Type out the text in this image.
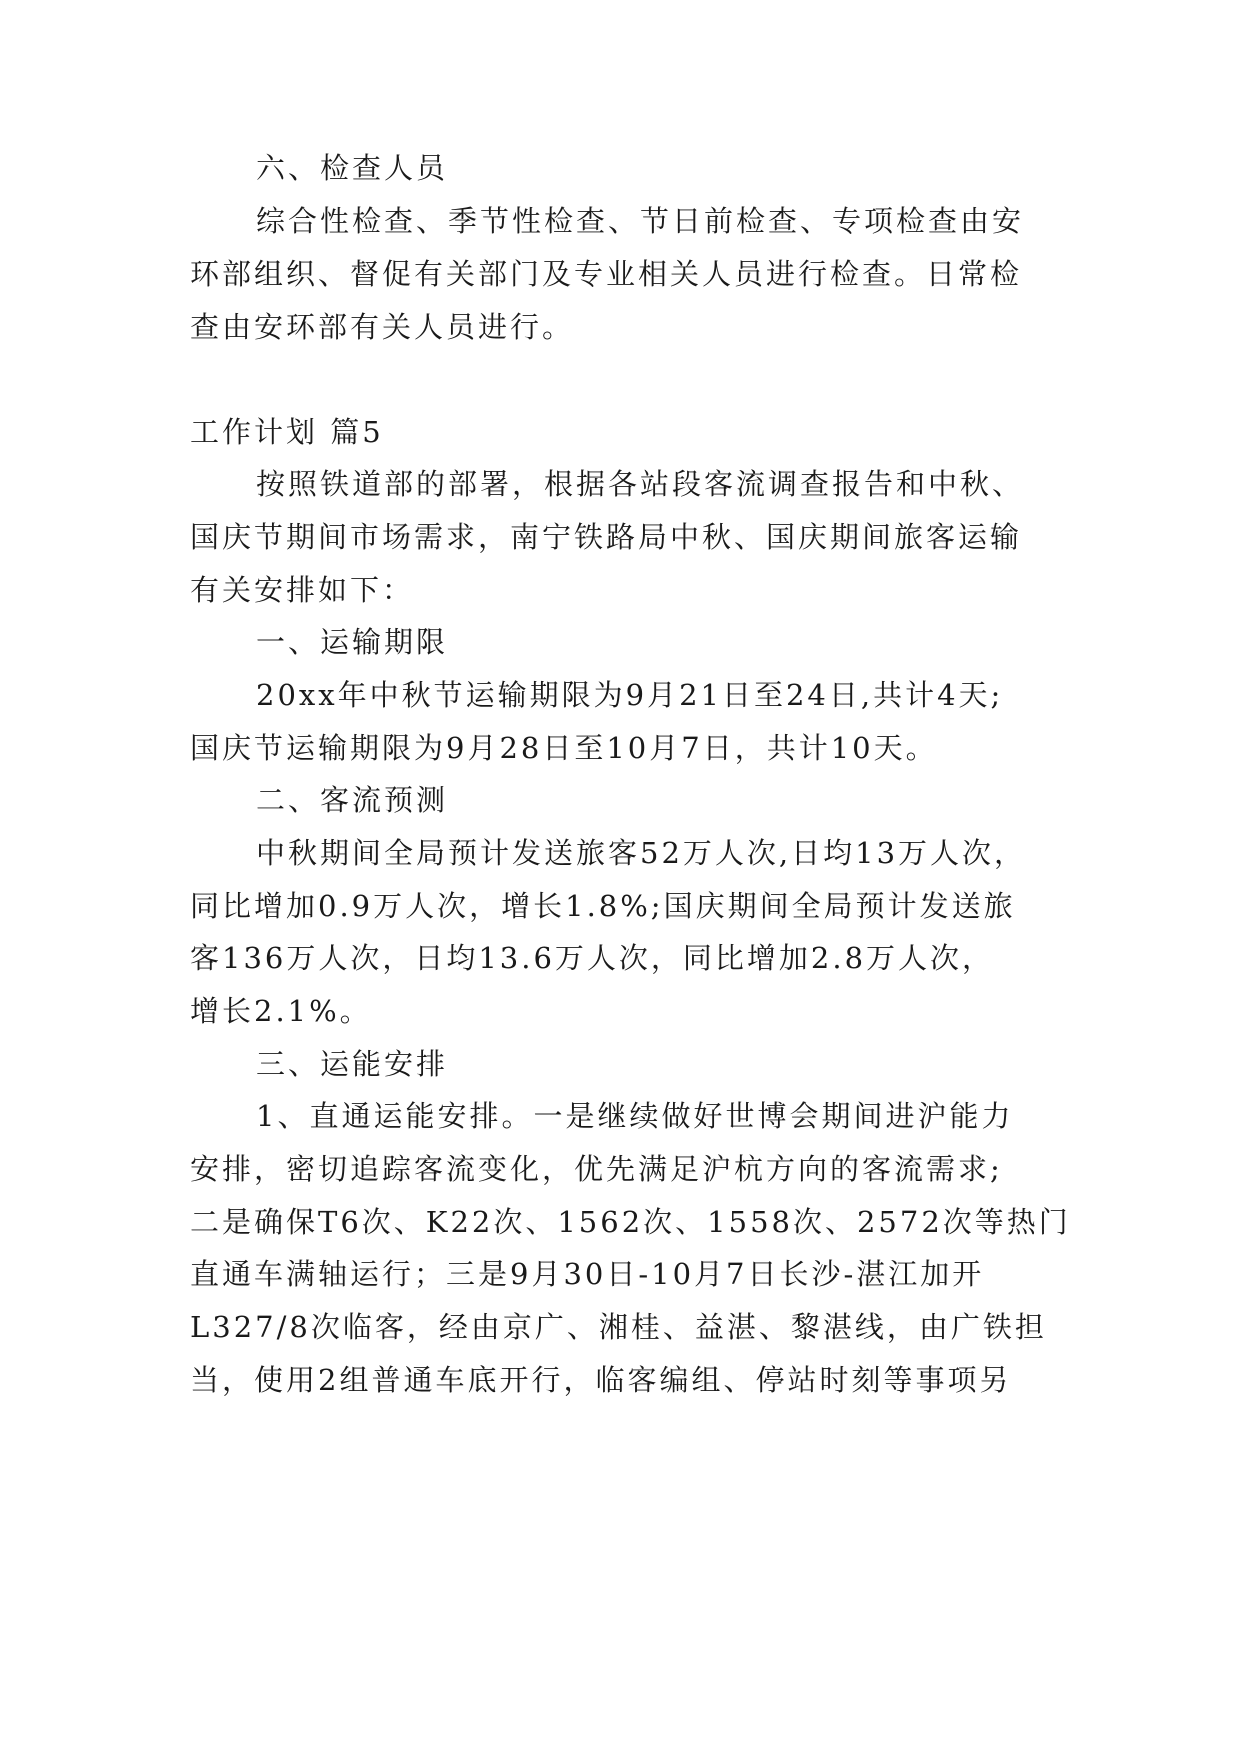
六、检查人员
综合性检查、季节性检查、节日前检查、专项检查由安
环部组织、督促有关部门及专业相关人员进行检查。日常检
查由安环部有关人员进行。
工作计划 篇5
按照铁道部的部署，根据各站段客流调查报告和中秋、
国庆节期间市场需求，南宁铁路局中秋、国庆期间旅客运输
有关安排如下：
一、运输期限
20xx年中秋节运输期限为9月21日至24日,共计4天;
国庆节运输期限为9月28日至10月7日，共计10天。
二、客流预测
中秋期间全局预计发送旅客52万人次,日均13万人次，
同比增加0.9万人次，增长1.8%;国庆期间全局预计发送旅
客136万人次，日均13.6万人次，同比增加2.8万人次，
增长2.1%。
三、运能安排
1、直通运能安排。一是继续做好世博会期间进沪能力
安排，密切追踪客流变化，优先满足沪杭方向的客流需求;
二是确保T6次、K22次、1562次、1558次、2572次等热门
直通车满轴运行；三是9月30日-10月7日长沙-湛江加开
L327/8次临客，经由京广、湘桂、益湛、黎湛线，由广铁担
当，使用2组普通车底开行，临客编组、停站时刻等事项另
